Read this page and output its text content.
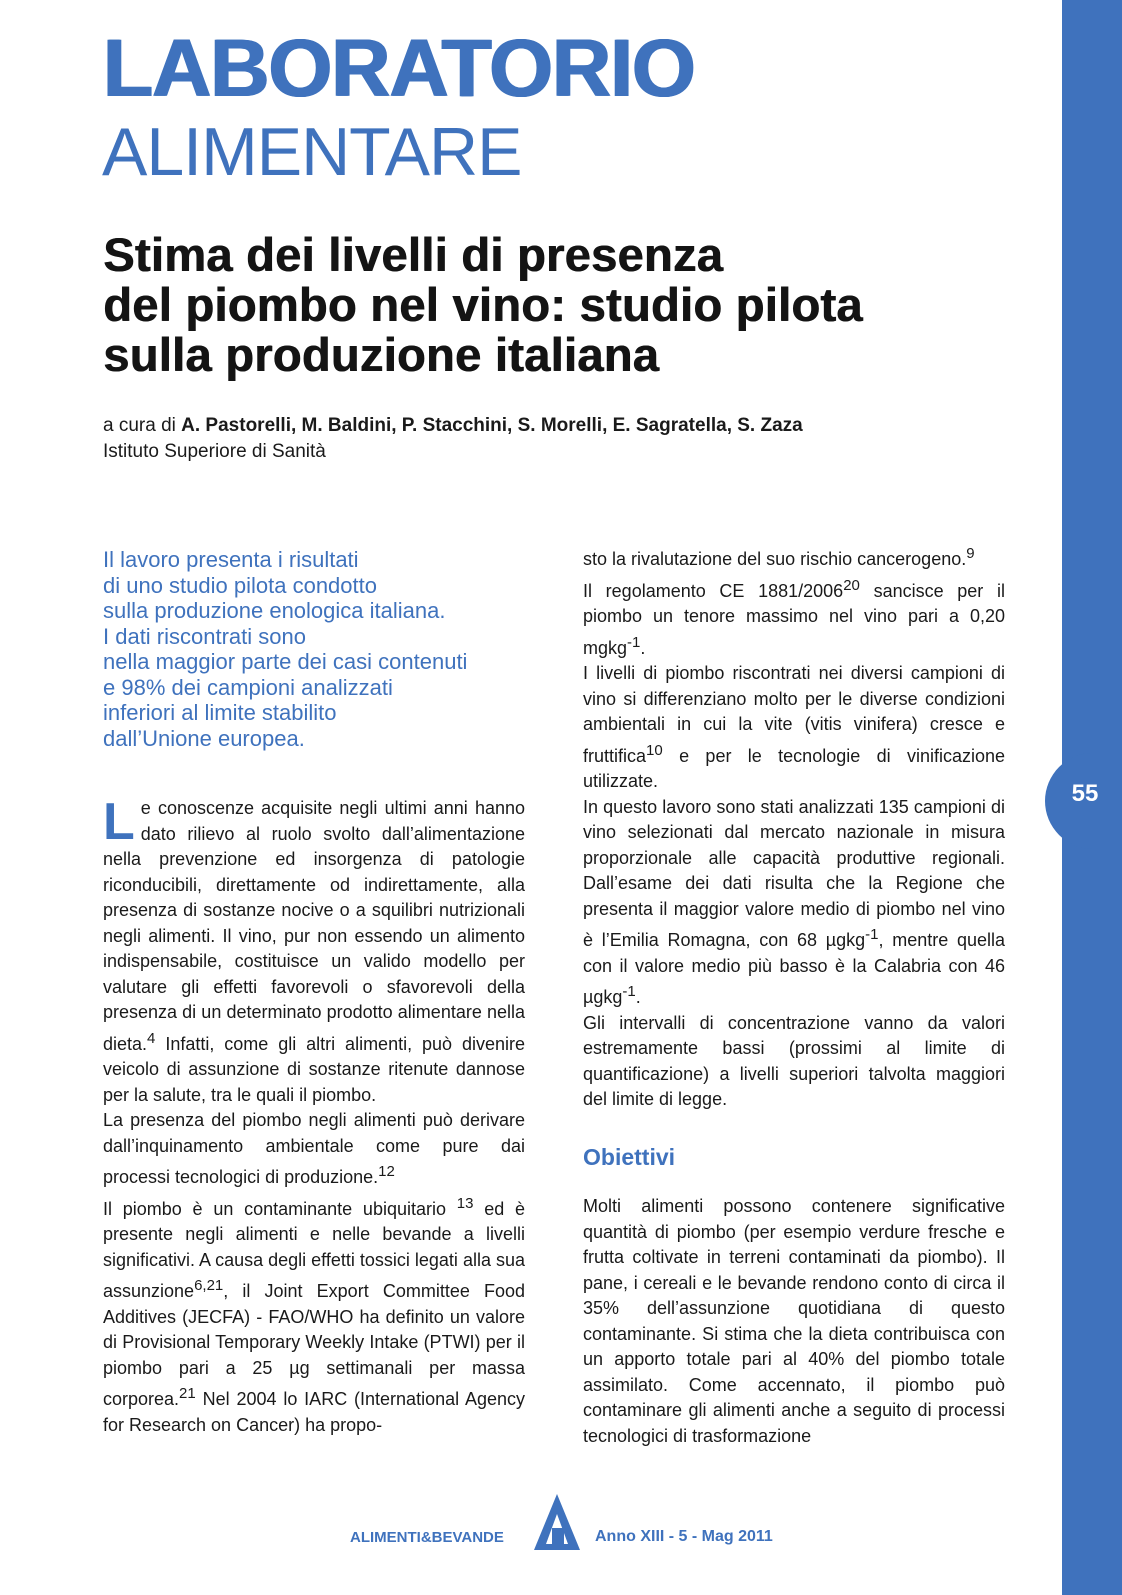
55
LABORATORIO
ALIMENTARE
Stima dei livelli di presenza
del piombo nel vino: studio pilota
sulla produzione italiana
a cura di A. Pastorelli, M. Baldini, P. Stacchini, S. Morelli, E. Sagratella, S. Zaza
Istituto Superiore di Sanità
Il lavoro presenta i risultati
di uno studio pilota condotto
sulla produzione enologica italiana.
I dati riscontrati sono
nella maggior parte dei casi contenuti
e 98% dei campioni analizzati
inferiori al limite stabilito
dall’Unione europea.

Le conoscenze acquisite negli ultimi anni hanno dato rilievo al ruolo svolto dall’alimentazione nella prevenzione ed insorgenza di patologie riconducibili, direttamente od indirettamente, alla presenza di sostanze nocive o a squilibri nutrizionali negli alimenti. Il vino, pur non essendo un alimento indispensabile, costituisce un valido modello per valutare gli effetti favorevoli o sfavorevoli della presenza di un determinato prodotto alimentare nella dieta.$^4$ Infatti, come gli altri alimenti, può divenire veicolo di assunzione di sostanze ritenute dannose per la salute, tra le quali il piombo.

La presenza del piombo negli alimenti può derivare dall’inquinamento ambientale come pure dai processi tecnologici di produzione.$^{12}$

Il piombo è un contaminante ubiquitario $^{13}$ ed è presente negli alimenti e nelle bevande a livelli significativi. A causa degli effetti tossici legati alla sua assunzione$^{6,21}$, il Joint Export Committee Food Additives (JECFA) - FAO/WHO ha definito un valore di Provisional Temporary Weekly Intake (PTWI) per il piombo pari a 25 µg settimanali per massa corporea.$^{21}$ Nel 2004 lo IARC (International Agency for Research on Cancer) ha propo-

sto la rivalutazione del suo rischio cancerogeno.$^9$

Il regolamento CE 1881/2006$^{20}$ sancisce per il piombo un tenore massimo nel vino pari a 0,20 mgkg$^{-1}$.

I livelli di piombo riscontrati nei diversi campioni di vino si differenziano molto per le diverse condizioni ambientali in cui la vite (vitis vinifera) cresce e fruttifica$^{10}$ e per le tecnologie di vinificazione utilizzate.

In questo lavoro sono stati analizzati 135 campioni di vino selezionati dal mercato nazionale in misura proporzionale alle capacità produttive regionali. Dall’esame dei dati risulta che la Regione che presenta il maggior valore medio di piombo nel vino è l’Emilia Romagna, con 68 µgkg$^{-1}$, mentre quella con il valore medio più basso è la Calabria con 46 µgkg$^{-1}$.

Gli intervalli di concentrazione vanno da valori estremamente bassi (prossimi al limite di quantificazione) a livelli superiori talvolta maggiori del limite di legge.

Obiettivi

Molti alimenti possono contenere significative quantità di piombo (per esempio verdure fresche e frutta coltivate in terreni contaminati da piombo). Il pane, i cereali e le bevande rendono conto di circa il 35% dell’assunzione quotidiana di questo contaminante. Si stima che la dieta contribuisca con un apporto totale pari al 40% del piombo totale assimilato. Come accennato, il piombo può contaminare gli alimenti anche a seguito di processi tecnologici di trasformazione

ALIMENTI&BEVANDE	Anno XIII - 5 - Mag 2011
